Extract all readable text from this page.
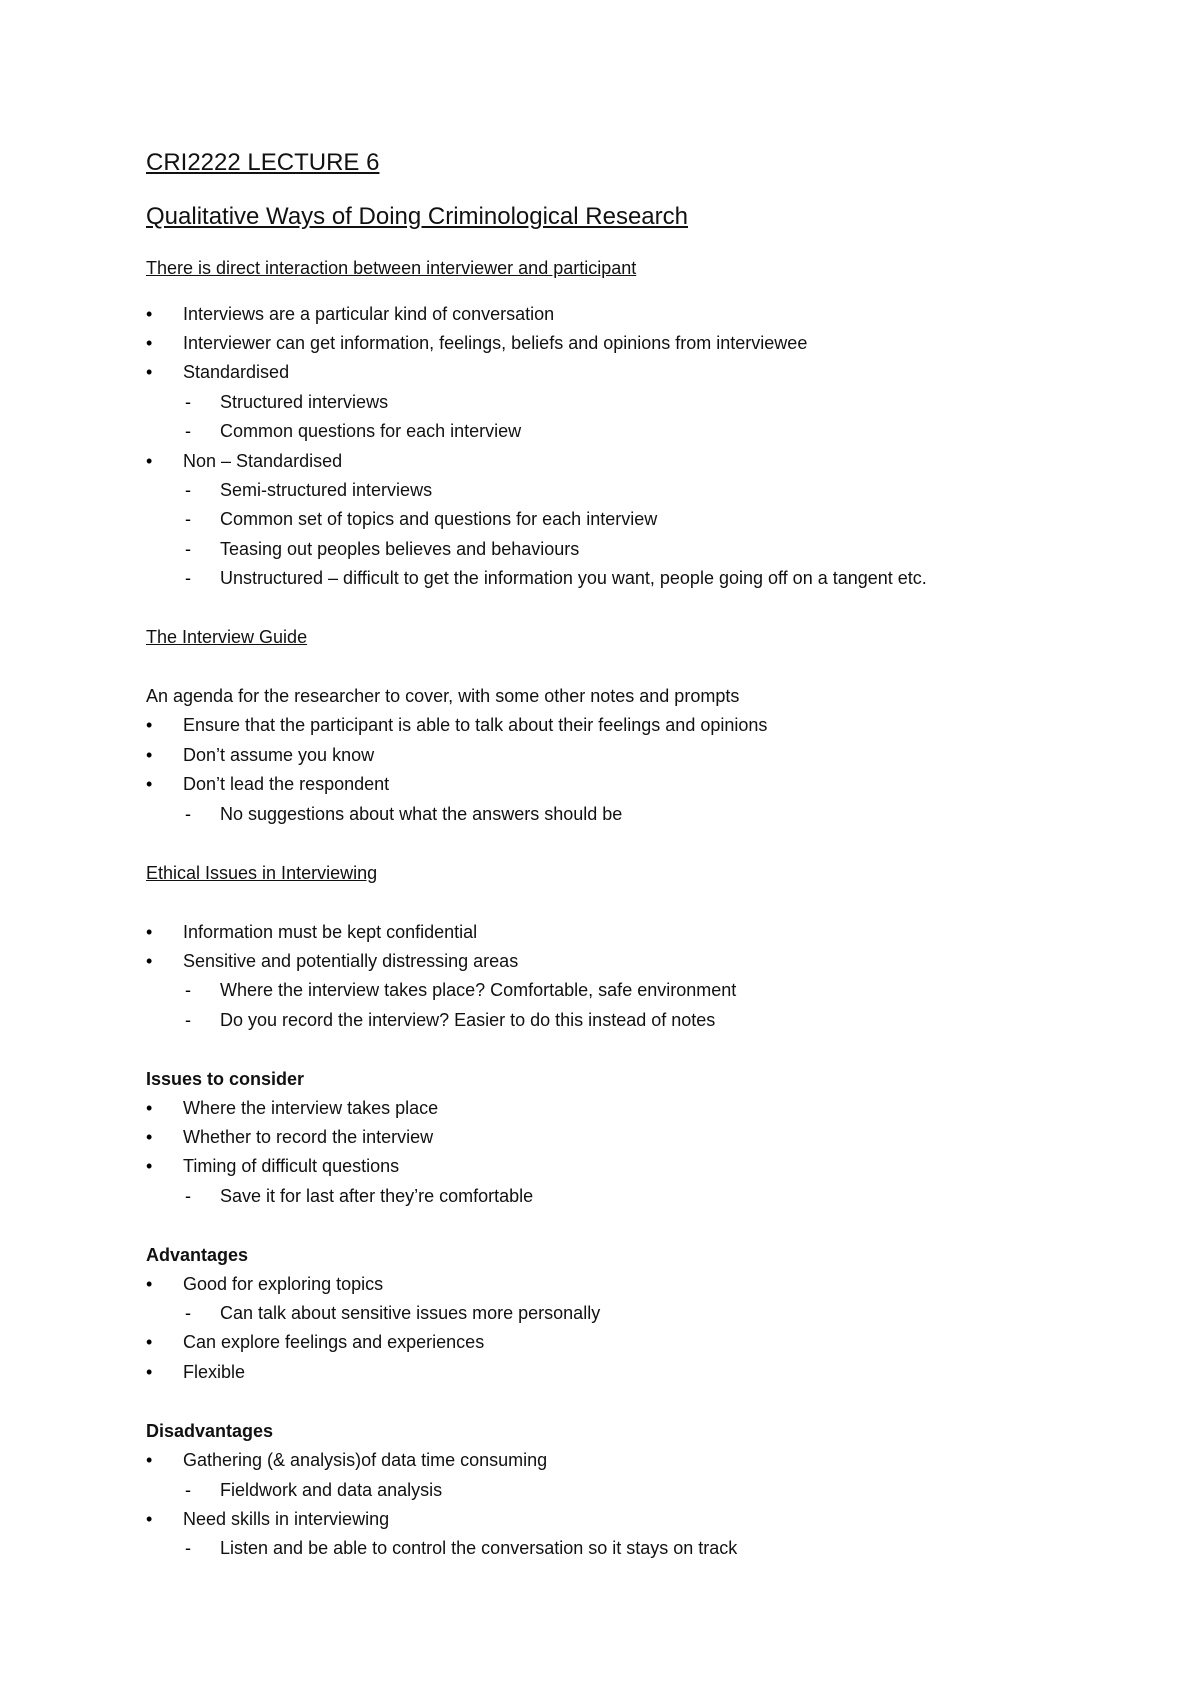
CRI2222 LECTURE 6
Qualitative Ways of Doing Criminological Research
There is direct interaction between interviewer and participant
• Interviews are a particular kind of conversation
• Interviewer can get information, feelings, beliefs and opinions from interviewee
• Standardised
- Structured interviews
- Common questions for each interview
• Non – Standardised
- Semi-structured interviews
- Common set of topics and questions for each interview
- Teasing out peoples believes and behaviours
- Unstructured – difficult to get the information you want, people going off on a tangent etc.
The Interview Guide
An agenda for the researcher to cover, with some other notes and prompts
• Ensure that the participant is able to talk about their feelings and opinions
• Don’t assume you know
• Don’t lead the respondent
- No suggestions about what the answers should be
Ethical Issues in Interviewing
• Information must be kept confidential
• Sensitive and potentially distressing areas
- Where the interview takes place? Comfortable, safe environment
- Do you record the interview? Easier to do this instead of notes
Issues to consider
• Where the interview takes place
• Whether to record the interview
• Timing of difficult questions
- Save it for last after they’re comfortable
Advantages
• Good for exploring topics
- Can talk about sensitive issues more personally
• Can explore feelings and experiences
• Flexible
Disadvantages
• Gathering (& analysis)of data time consuming
- Fieldwork and data analysis
• Need skills in interviewing
- Listen and be able to control the conversation so it stays on track
